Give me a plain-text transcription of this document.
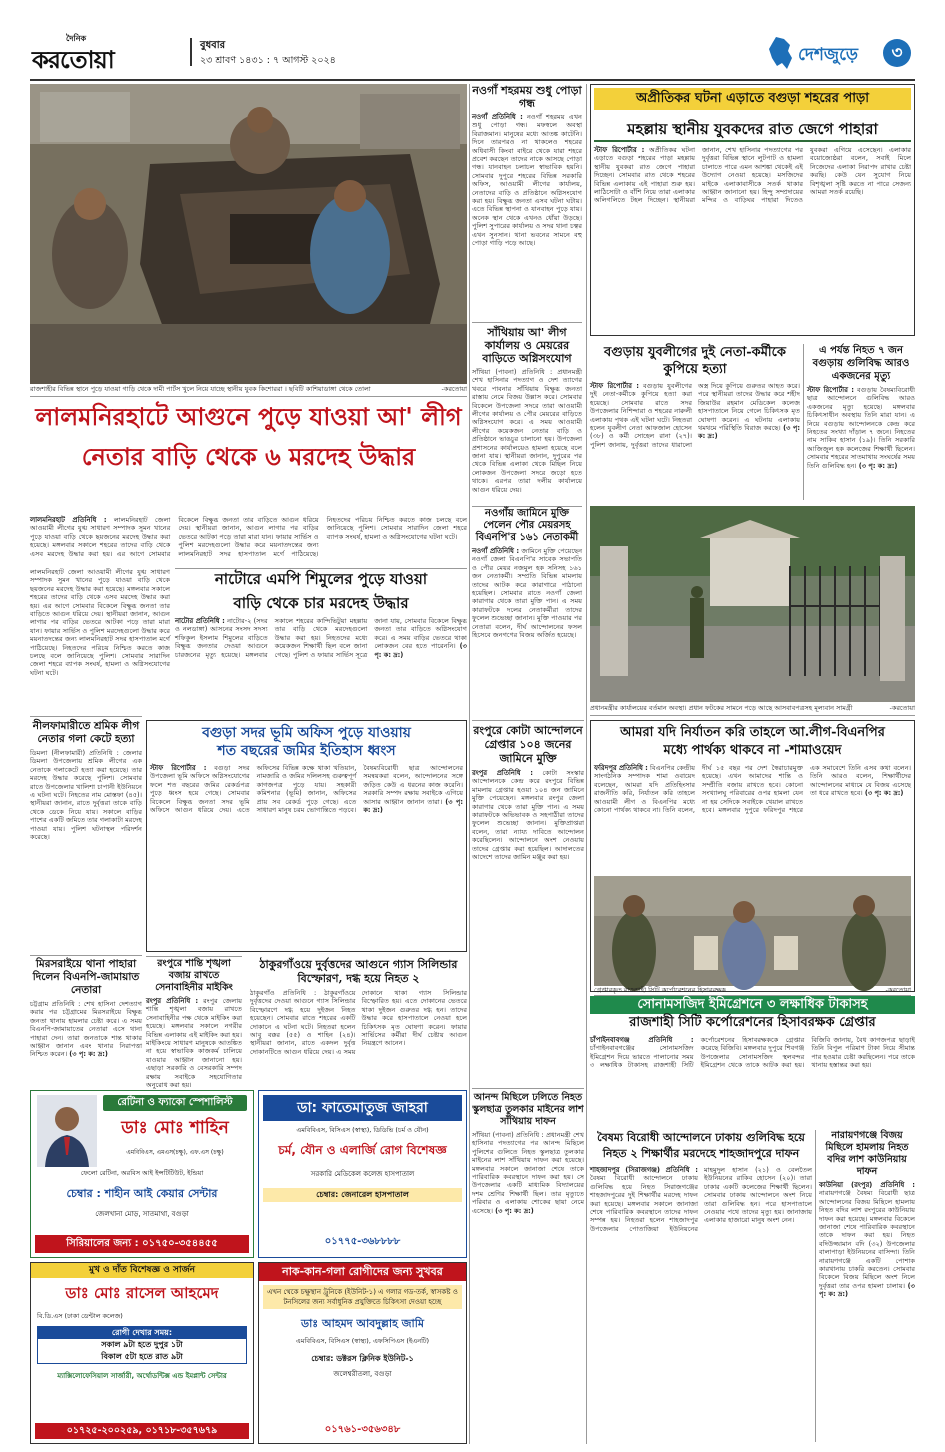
দৈনিক
করতোয়া	বুধবার
২৩ শ্রাবণ ১৪৩১ : ৭ আগস্ট ২০২৪	দেশজুড়ে	৩
রাজশাহীর বিভিন্ন স্থানে পুড়ে যাওয়া গাড়ি থেকে দামী পার্টস খুলে নিয়ে যাচ্ছে স্থানীয় যুবক কিশোররা । ছবিটি কাশিয়াডাঙ্গা থেকে তোলা	-করতোয়া
নওগাঁ শহরময় শুধু পোড়া গন্ধ
নওগাঁ প্রতিনিধি : নওগাঁ শহরময় এখন শুধু পোড়া গন্ধ। মফস্বলে অবস্থা বিরাজমান। মানুষের মধ্যে আতঙ্ক কাটেনি। দিনে তারপরও না থাকলেও শহরের অধিবাসী কিংবা বাইরে থেকে যারা শহরে প্রবেশ করছেন তাদের নাকে আসছে পোড়া গন্ধ। যানবাহন চলাচল স্বাভাবিক হয়নি। সোমবার দুপুরে শহরের বিভিন্ন সরকারি অফিস, আওয়ামী লীগের কার্যালয়, নেতাদের বাড়ি ও প্রতিষ্ঠানে অগ্নিসংযোগ করা হয়। বিক্ষুব্ধ জনতা এসব ঘটনা ঘটায়। এতে বিভিন্ন স্থাপনা ও যানবাহন পুড়ে যায়। অনেক স্থান থেকে এখনও ধোঁয়া উড়ছে। পুলিশ সুপারের কার্যালয় ও সদর থানা চত্বর এখন সুনসান। থানা ভবনের সামনে বহু পোড়া গাড়ি পড়ে আছে।
সাঁথিয়ায় আ' লীগ কার্যালয় ও মেয়রের বাড়িতে অগ্নিসংযোগ
সাঁথিয়া (পাবনা) প্রতিনিধি : প্রধানমন্ত্রী শেখ হাসিনার পদত্যাগ ও দেশ ত্যাগের খবরে পাবনার সাঁথিয়ায় বিক্ষুব্ধ জনতা রাস্তায় নেমে বিজয় উল্লাস করে। সোমবার বিকেলে উপজেলা সদরে তারা আওয়ামী লীগের কার্যালয় ও পৌর মেয়রের বাড়িতে অগ্নিসংযোগ করে। এ সময় আওয়ামী লীগের কয়েকজন নেতার বাড়ি ও প্রতিষ্ঠানে ভাঙচুর চালানো হয়। উপজেলা প্রশাসনের কার্যালয়েও হামলা হয়েছে বলে জানা যায়। স্থানীয়রা জানান, দুপুরের পর থেকে বিভিন্ন এলাকা থেকে মিছিল নিয়ে লোকজন উপজেলা সদরে জড়ো হতে থাকে। এরপর তারা দলীয় কার্যালয়ে আগুন ধরিয়ে দেয়।
লালমনিরহাটে আগুনে পুড়ে যাওয়া আ' লীগ
নেতার বাড়ি থেকে ৬ মরদেহ উদ্ধার
লালমনিরহাট প্রতিনিধি : লালমনিরহাট জেলা আওয়ামী লীগের যুগ্ম সাধারণ সম্পাদক সুমন খানের পুড়ে যাওয়া বাড়ি থেকে ছয়জনের মরদেহ উদ্ধার করা হয়েছে। মঙ্গলবার সকালে শহরের তাদের বাড়ি থেকে এসব মরদেহ উদ্ধার করা হয়। এর আগে সোমবার বিকেলে বিক্ষুব্ধ জনতা তার বাড়িতে আগুন ধরিয়ে দেয়। স্থানীয়রা জানান, আগুন লাগার পর বাড়ির ভেতরে আটকা পড়ে তারা মারা যান। ফায়ার সার্ভিস ও পুলিশ মরদেহগুলো উদ্ধার করে ময়নাতদন্তের জন্য লালমনিরহাট সদর হাসপাতাল মর্গে পাঠিয়েছে। নিহতদের পরিচয় নিশ্চিত করতে কাজ চলছে বলে জানিয়েছে পুলিশ। সোমবার সারাদিন জেলা শহরে ব্যাপক সংঘর্ষ, হামলা ও অগ্নিসংযোগের ঘটনা ঘটে।
লালমনিরহাট জেলা আওয়ামী লীগের যুগ্ম সাধারণ সম্পাদক সুমন খানের পুড়ে যাওয়া বাড়ি থেকে ছয়জনের মরদেহ উদ্ধার করা হয়েছে। মঙ্গলবার সকালে শহরের তাদের বাড়ি থেকে এসব মরদেহ উদ্ধার করা হয়। এর আগে সোমবার বিকেলে বিক্ষুব্ধ জনতা তার বাড়িতে আগুন ধরিয়ে দেয়। স্থানীয়রা জানান, আগুন লাগার পর বাড়ির ভেতরে আটকা পড়ে তারা মারা যান। ফায়ার সার্ভিস ও পুলিশ মরদেহগুলো উদ্ধার করে ময়নাতদন্তের জন্য লালমনিরহাট সদর হাসপাতাল মর্গে পাঠিয়েছে। নিহতদের পরিচয় নিশ্চিত করতে কাজ চলছে বলে জানিয়েছে পুলিশ। সোমবার সারাদিন জেলা শহরে ব্যাপক সংঘর্ষ, হামলা ও অগ্নিসংযোগের ঘটনা ঘটে।
নাটোরে এমপি শিমুলের পুড়ে যাওয়া
বাড়ি থেকে চার মরদেহ উদ্ধার
নাটোর প্রতিনিধি : নাটোর-২ (সদর ও নলডাঙ্গা) আসনের সংসদ সদস্য শফিকুল ইসলাম শিমুলের বাড়িতে বিক্ষুব্ধ জনতার দেওয়া আগুনে চারজনের মৃত্যু হয়েছে। মঙ্গলবার সকালে শহরের কান্দিভিটুয়া মহল্লায় তার বাড়ি থেকে মরদেহগুলো উদ্ধার করা হয়। নিহতদের মধ্যে কয়েকজন শিক্ষার্থী ছিল বলে জানা গেছে। পুলিশ ও ফায়ার সার্ভিস সূত্রে জানা যায়, সোমবার বিকেলে বিক্ষুব্ধ জনতা তার বাড়িতে অগ্নিসংযোগ করে। এ সময় বাড়ির ভেতরে থাকা লোকজন বের হতে পারেননি। (৩ পৃ: ক: দ্র:)
নওগাঁয় জামিনে মুক্তি পেলেন পৌর মেয়রসহ বিএনপি'র ১৬১ নেতাকর্মী
নওগাঁ প্রতিনিধি : জামিনে মুক্তি পেয়েছেন নওগাঁ জেলা বিএনপি'র সাবেক সভাপতি ও পৌর মেয়র নজমুল হক সনিসহ ১৬১ জন নেতাকর্মী। সম্প্রতি বিভিন্ন মামলায় তাদের আটক করে কারাগারে পাঠানো হয়েছিল। সোমবার রাতে নওগাঁ জেলা কারাগার থেকে তারা মুক্তি পান। এ সময় কারাফটকে দলের নেতাকর্মীরা তাদের ফুলেল শুভেচ্ছা জানান। মুক্তি পাওয়ার পর নেতারা বলেন, দীর্ঘ আন্দোলনের ফসল হিসেবে জনগণের বিজয় অর্জিত হয়েছে।
নীলফামারীতে শ্রমিক লীগ নেতার গলা কেটে হত্যা
ডিমলা (নীলফামারী) প্রতিনিধি : জেলার ডিমলা উপজেলায় শ্রমিক লীগের এক নেতাকে গলাকেটে হত্যা করা হয়েছে। তার মরদেহ উদ্ধার করেছে পুলিশ। সোমবার রাতে উপজেলার খালিশা চাপানী ইউনিয়নে এ ঘটনা ঘটে। নিহতের নাম মোস্তফা (৪৫)। স্থানীয়রা জানান, রাতে দুর্বৃত্তরা তাকে বাড়ি থেকে ডেকে নিয়ে যায়। সকালে বাড়ির পাশের একটি জমিতে তার গলাকাটা মরদেহ পাওয়া যায়। পুলিশ ঘটনাস্থল পরিদর্শন করেছে।
মিরসরাইয়ে থানা পাহারা দিলেন বিএনপি-জামায়াত নেতারা
চট্টগ্রাম প্রতিনিধি : শেখ হাসিনা দেশত্যাগ করার পর চট্টগ্রামের মিরসরাইয়ে বিক্ষুব্ধ জনতা থানায় হামলার চেষ্টা করে। এ সময় বিএনপি-জামায়াতের নেতারা এসে থানা পাহারা দেন। তারা জনতাকে শান্ত থাকার আহ্বান জানান এবং থানার নিরাপত্তা নিশ্চিত করেন। (৩ পৃ: ক: দ্র:)
বগুড়া সদর ভূমি অফিস পুড়ে যাওয়ায়
শত বছরের জমির ইতিহাস ধ্বংস
স্টাফ রিপোর্টার : বগুড়া সদর উপজেলা ভূমি অফিসে অগ্নিসংযোগের ফলে শত বছরের জমির রেকর্ডপত্র পুড়ে ধ্বংস হয়ে গেছে। সোমবার বিকেলে বিক্ষুব্ধ জনতা সদর ভূমি অফিসে আগুন ধরিয়ে দেয়। এতে অফিসের বিভিন্ন কক্ষে থাকা খতিয়ান, নামজারি ও জমির দলিলসহ গুরুত্বপূর্ণ কাগজপত্র পুড়ে যায়। সহকারী কমিশনার (ভূমি) জানান, অফিসের প্রায় সব রেকর্ড পুড়ে গেছে। এতে সাধারণ মানুষ চরম ভোগান্তিতে পড়বে। বৈষম্যবিরোধী ছাত্র আন্দোলনের সমন্বয়করা বলেন, আন্দোলনের সঙ্গে জড়িত কেউ এ ধরনের কাজ করেনি। সরকারি সম্পদ রক্ষায় সবাইকে এগিয়ে আসার আহ্বান জানান তারা। (৩ পৃ: ক: দ্র:)
রংপুরে কোটা আন্দোলনে গ্রেপ্তার ১০৪ জনের জামিনে মুক্তি
রংপুর প্রতিনিধি : কোটা সংস্কার আন্দোলনকে কেন্দ্র করে রংপুরে বিভিন্ন মামলায় গ্রেপ্তার হওয়া ১০৪ জন জামিনে মুক্তি পেয়েছেন। মঙ্গলবার রংপুর জেলা কারাগার থেকে তারা মুক্তি পান। এ সময় কারাফটকে অভিভাবক ও সহপাঠীরা তাদের ফুলেল শুভেচ্ছা জানান। মুক্তিপ্রাপ্তরা বলেন, তারা ন্যায্য দাবিতে আন্দোলন করেছিলেন। আন্দোলনে অংশ নেওয়ায় তাদের গ্রেপ্তার করা হয়েছিল। আদালতের আদেশে তাদের জামিন মঞ্জুর করা হয়।
রংপুরে শান্তি শৃঙ্খলা বজায় রাখতে সেনাবাহিনীর মাইকিং
রংপুর প্রতিনিধি : রংপুর জেলায় শান্তি শৃঙ্খলা বজায় রাখতে সেনাবাহিনীর পক্ষ থেকে মাইকিং করা হয়েছে। মঙ্গলবার সকালে নগরীর বিভিন্ন এলাকায় এই মাইকিং করা হয়। মাইকিংয়ে সাধারণ মানুষকে আতঙ্কিত না হয়ে স্বাভাবিক কাজকর্ম চালিয়ে যাওয়ার আহ্বান জানানো হয়। এছাড়া সরকারি ও বেসরকারি সম্পদ রক্ষায় সবাইকে সহযোগিতার অনুরোধ করা হয়।
ঠাকুরগাঁওয়ে দুর্বৃত্তদের আগুনে গ্যাস সিলিন্ডার
বিস্ফোরণ, দগ্ধ হয়ে নিহত ২
ঠাকুরগাঁও প্রতিনিধি : ঠাকুরগাঁওয়ে দুর্বৃত্তদের দেওয়া আগুনে গ্যাস সিলিন্ডার বিস্ফোরণে দগ্ধ হয়ে দুইজন নিহত হয়েছেন। সোমবার রাতে শহরের একটি দোকানে এ ঘটনা ঘটে। নিহতরা হলেন আবু বক্কর (৫৫) ও শাহিন (২৪)। স্থানীয়রা জানান, রাতে একদল দুর্বৃত্ত দোকানটিতে আগুন ধরিয়ে দেয়। এ সময় দোকানে থাকা গ্যাস সিলিন্ডার বিস্ফোরিত হয়। এতে দোকানের ভেতরে থাকা দুইজন গুরুতর দগ্ধ হন। তাদের উদ্ধার করে হাসপাতালে নেওয়া হলে চিকিৎসক মৃত ঘোষণা করেন। ফায়ার সার্ভিসের কর্মীরা দীর্ঘ চেষ্টায় আগুন নিয়ন্ত্রণে আনেন।
অপ্রীতিকর ঘটনা এড়াতে বগুড়া শহরের পাড়া
মহল্লায় স্থানীয় যুবকদের রাত জেগে পাহারা
স্টাফ রিপোর্টার : অপ্রীতিকর ঘটনা এড়াতে বগুড়া শহরের পাড়া মহল্লায় স্থানীয় যুবকরা রাত জেগে পাহারা দিচ্ছেন। সোমবার রাত থেকে শহরের বিভিন্ন এলাকায় এই পাহারা শুরু হয়। লাঠিসোটা ও বাঁশি নিয়ে তারা এলাকার অলিগলিতে টহল দিচ্ছেন। স্থানীয়রা জানান, শেখ হাসিনার পদত্যাগের পর দুর্বৃত্তরা বিভিন্ন স্থানে লুটপাট ও হামলা চালাতে পারে এমন আশঙ্কা থেকেই এই উদ্যোগ নেওয়া হয়েছে। মসজিদের মাইকে এলাকাবাসীকে সতর্ক থাকার আহ্বান জানানো হয়। হিন্দু সম্প্রদায়ের মন্দির ও বাড়িঘর পাহারা দিতেও যুবকরা এগিয়ে এসেছেন। এলাকার বয়োজ্যেষ্ঠরা বলেন, সবাই মিলে নিজেদের এলাকা নিরাপদ রাখার চেষ্টা করছি। কেউ যেন সুযোগ নিয়ে বিশৃঙ্খলা সৃষ্টি করতে না পারে সেজন্য আমরা সতর্ক রয়েছি।
বগুড়ায় যুবলীগের দুই নেতা-কর্মীকে
কুপিয়ে হত্যা
স্টাফ রিপোর্টার : বগুড়ায় যুবলীগের দুই নেতা-কর্মীকে কুপিয়ে হত্যা করা হয়েছে। সোমবার রাতে সদর উপজেলার নিশিন্দারা ও শহরের নারুলী এলাকায় পৃথক এই ঘটনা ঘটে। নিহতরা হলেন যুবলীগ নেতা আফজাল হোসেন (৩৮) ও কর্মী সোহেল রানা (২৭)। পুলিশ জানায়, দুর্বৃত্তরা তাদের ধারালো অস্ত্র দিয়ে কুপিয়ে গুরুতর আহত করে। পরে স্থানীয়রা তাদের উদ্ধার করে শহীদ জিয়াউর রহমান মেডিকেল কলেজ হাসপাতালে নিয়ে গেলে চিকিৎসক মৃত ঘোষণা করেন। এ ঘটনায় এলাকায় থমথমে পরিস্থিতি বিরাজ করছে। (৩ পৃ: ক: দ্র:)
এ পর্যন্ত নিহত ৭ জন বগুড়ায় গুলিবিদ্ধ আরও একজনের মৃত্যু
স্টাফ রিপোর্টার : বগুড়ায় বৈষম্যবিরোধী ছাত্র আন্দোলনে গুলিবিদ্ধ আরও একজনের মৃত্যু হয়েছে। মঙ্গলবার চিকিৎসাধীন অবস্থায় তিনি মারা যান। এ নিয়ে বগুড়ায় আন্দোলনকে কেন্দ্র করে নিহতের সংখ্যা দাঁড়াল ৭ জনে। নিহতের নাম সাকিব হাসান (১৯)। তিনি সরকারি আজিজুল হক কলেজের শিক্ষার্থী ছিলেন। সোমবার শহরের সাতমাথায় সংঘর্ষের সময় তিনি গুলিবিদ্ধ হন। (৩ পৃ: ক: দ্র:)
প্রধানমন্ত্রীর কার্যালয়ের বর্তমান অবস্থা। প্রধান ফটকের সামনে পড়ে আছে আসবাবপত্রসহ মূল্যবান সামগ্রী	-করতোয়া
আমরা যদি নির্যাতন করি তাহলে আ.লীগ-বিএনপির
মধ্যে পার্থক্য থাকবে না -শামাওয়েদ
ফরিদপুর প্রতিনিধি : বিএনপির কেন্দ্রীয় সাংগঠনিক সম্পাদক শামা ওবায়েদ বলেছেন, আমরা যদি প্রতিহিংসার রাজনীতি করি, নির্যাতন করি তাহলে আওয়ামী লীগ ও বিএনপির মধ্যে কোনো পার্থক্য থাকবে না। তিনি বলেন, দীর্ঘ ১৫ বছর পর দেশ স্বৈরাচারমুক্ত হয়েছে। এখন আমাদের শান্তি ও সম্প্রীতি বজায় রাখতে হবে। কোনো সংখ্যালঘু পরিবারের ওপর হামলা যেন না হয় সেদিকে সবাইকে খেয়াল রাখতে হবে। মঙ্গলবার দুপুরে ফরিদপুর শহরে এক সমাবেশে তিনি এসব কথা বলেন। তিনি আরও বলেন, শিক্ষার্থীদের আন্দোলনের মাধ্যমে যে বিজয় এসেছে তা ধরে রাখতে হবে। (৩ পৃ: ক: দ্র:)
গ্রেপ্তারকৃত রাজশাহী সিটি কর্পোরেশনের হিসাবরক্ষক	-করতোয়া
সোনামসজিদ ইমিগ্রেশনে ৩ লক্ষাধিক টাকাসহ
রাজশাহী সিটি কর্পোরেশনের হিসাবরক্ষক গ্রেপ্তার
চাঁপাইনবাবগঞ্জ প্রতিনিধি : চাঁপাইনবাবগঞ্জের সোনামসজিদ ইমিগ্রেশন দিয়ে ভারতে পালানোর সময় ৩ লক্ষাধিক টাকাসহ রাজশাহী সিটি কর্পোরেশনের হিসাবরক্ষককে গ্রেপ্তার করেছে বিজিবি। মঙ্গলবার দুপুরে শিবগঞ্জ উপজেলার সোনামসজিদ স্থলবন্দর ইমিগ্রেশন থেকে তাকে আটক করা হয়। বিজিবি জানায়, বৈধ কাগজপত্র ছাড়াই তিনি বিপুল পরিমাণ টাকা নিয়ে সীমান্ত পার হওয়ার চেষ্টা করছিলেন। পরে তাকে থানায় হস্তান্তর করা হয়।
আনন্দ মিছিলে ঢলিতে নিহত স্কুলছাত্র তুলকার মাইনের লাশ সাঁথিয়ায় দাফন
সাঁথিয়া (পাবনা) প্রতিনিধি : প্রধানমন্ত্রী শেখ হাসিনার পদত্যাগের পর আনন্দ মিছিলে পুলিশের গুলিতে নিহত স্কুলছাত্র তুলকার মাইনের লাশ সাঁথিয়ায় দাফন করা হয়েছে। মঙ্গলবার সকালে জানাজা শেষে তাকে পারিবারিক কবরস্থানে দাফন করা হয়। সে উপজেলার একটি মাধ্যমিক বিদ্যালয়ের দশম শ্রেণির শিক্ষার্থী ছিল। তার মৃত্যুতে পরিবার ও এলাকায় শোকের ছায়া নেমে এসেছে। (৩ পৃ: ক: দ্র:)
বৈষম্য বিরোধী আন্দোলনে ঢাকায় গুলিবিদ্ধ হয়ে
নিহত ২ শিক্ষার্থীর মরদেহে শাহজাদপুরে দাফন
শাহজাদপুর (সিরাজগঞ্জ) প্রতিনিধি : বৈষম্য বিরোধী আন্দোলনে ঢাকায় গুলিবিদ্ধ হয়ে নিহত সিরাজগঞ্জের শাহজাদপুরের দুই শিক্ষার্থীর মরদেহ দাফন করা হয়েছে। মঙ্গলবার সকালে জানাজা শেষে পারিবারিক কবরস্থানে তাদের দাফন সম্পন্ন হয়। নিহতরা হলেন শাহজাদপুর উপজেলার পোতাজিয়া ইউনিয়নের মাহমুদুল হাসান (২১) ও বেলতৈল ইউনিয়নের রাকিব হোসেন (২০)। তারা ঢাকার একটি কলেজের শিক্ষার্থী ছিলেন। সোমবার ঢাকায় আন্দোলনে অংশ নিয়ে তারা গুলিবিদ্ধ হন। পরে হাসপাতালে নেওয়ার পথে তাদের মৃত্যু হয়। জানাজায় এলাকার হাজারো মানুষ অংশ নেন।
নারায়ণগঞ্জে বিজয় মিছিলে হামলায় নিহত বদির লাশ কাউনিয়ায় দাফন
কাউনিয়া (রংপুর) প্রতিনিধি : নারায়ণগঞ্জে বৈষম্য বিরোধী ছাত্র আন্দোলনের বিজয় মিছিলে হামলায় নিহত বদির লাশ রংপুরের কাউনিয়ায় দাফন করা হয়েছে। মঙ্গলবার বিকেলে জানাজা শেষে পারিবারিক কবরস্থানে তাকে দাফন করা হয়। নিহত বদিউজ্জামান বদি (৩২) উপজেলার বালাপাড়া ইউনিয়নের বাসিন্দা। তিনি নারায়ণগঞ্জে একটি পোশাক কারখানায় চাকরি করতেন। সোমবার বিকেলে বিজয় মিছিলে অংশ নিলে দুর্বৃত্তরা তার ওপর হামলা চালায়। (৩ পৃ: ক: দ্র:)
রেটিনা ও ফ্যাকো স্পেশালিস্ট
ডাঃ মোঃ শাহিন
এমবিবিএস, এমএস(চক্ষু), এফ.এস (চক্ষু)
ফেলো রেটিনা, অরবিস আই ইন্সটিটিউট, ইন্ডিয়া
চেম্বার : শাহীন আই কেয়ার সেন্টার
জেলখানা মোড়, সাতমাথা, বগুড়া
সিরিয়ালের জন্য : ০১৭৫০-৩৫৪৪৫৫
ডা: ফাতেমাতুজ জাহরা
এমবিবিএস, বিসিএস (স্বাস্থ্য), ডিডিভি (চর্ম ও যৌন)
চর্ম, যৌন ও এলার্জি রোগ বিশেষজ্ঞ
সরকারি মেডিকেল কলেজ হাসপাতাল
চেম্বার: জেনারেল হাসপাতাল
০১৭৭৫-৩৬৮৮৮৮
মুখ ও দাঁত বিশেষজ্ঞ ও সার্জন
ডাঃ মোঃ রাসেল আহমেদ
বি.ডি.এস (ঢাকা ডেন্টাল কলেজ)
রোগী দেখার সময়:
সকাল ৯টা হতে দুপুর ১টা
বিকাল ৫টা হতে রাত ৯টা
ম্যাক্সিলোফেসিয়াল সার্জারী, অর্থোডন্টিক্স এন্ড ইমপ্লান্ট সেন্টার
০১৭২৫-২০০২৫৯, ০১৭১৮-৩৫৭৬৭৯
নাক-কান-গলা রোগীদের জন্য সুখবর
এখন থেকে চক্ষুস্থান ট্রুনিকে (ইউনিট-১) এ গলার গড-তর্ক, স্বাসকষ্ট ও টনসিলের জন্য সর্বাধুনিক প্রযুক্তিতে চিকিৎসা দেওয়া হচ্ছে
ডাঃ আহমদ আবদুল্লাহ জামি
এমবিবিএস, বিসিএস (স্বাস্থ্য), এফসিপিএস (ইএনটি)
চেম্বার: ডক্টরস ক্লিনিক ইউনিট-১
জলেশ্বরীতলা, বগুড়া
০১৭৬১-৩৫৬৩৪৮
